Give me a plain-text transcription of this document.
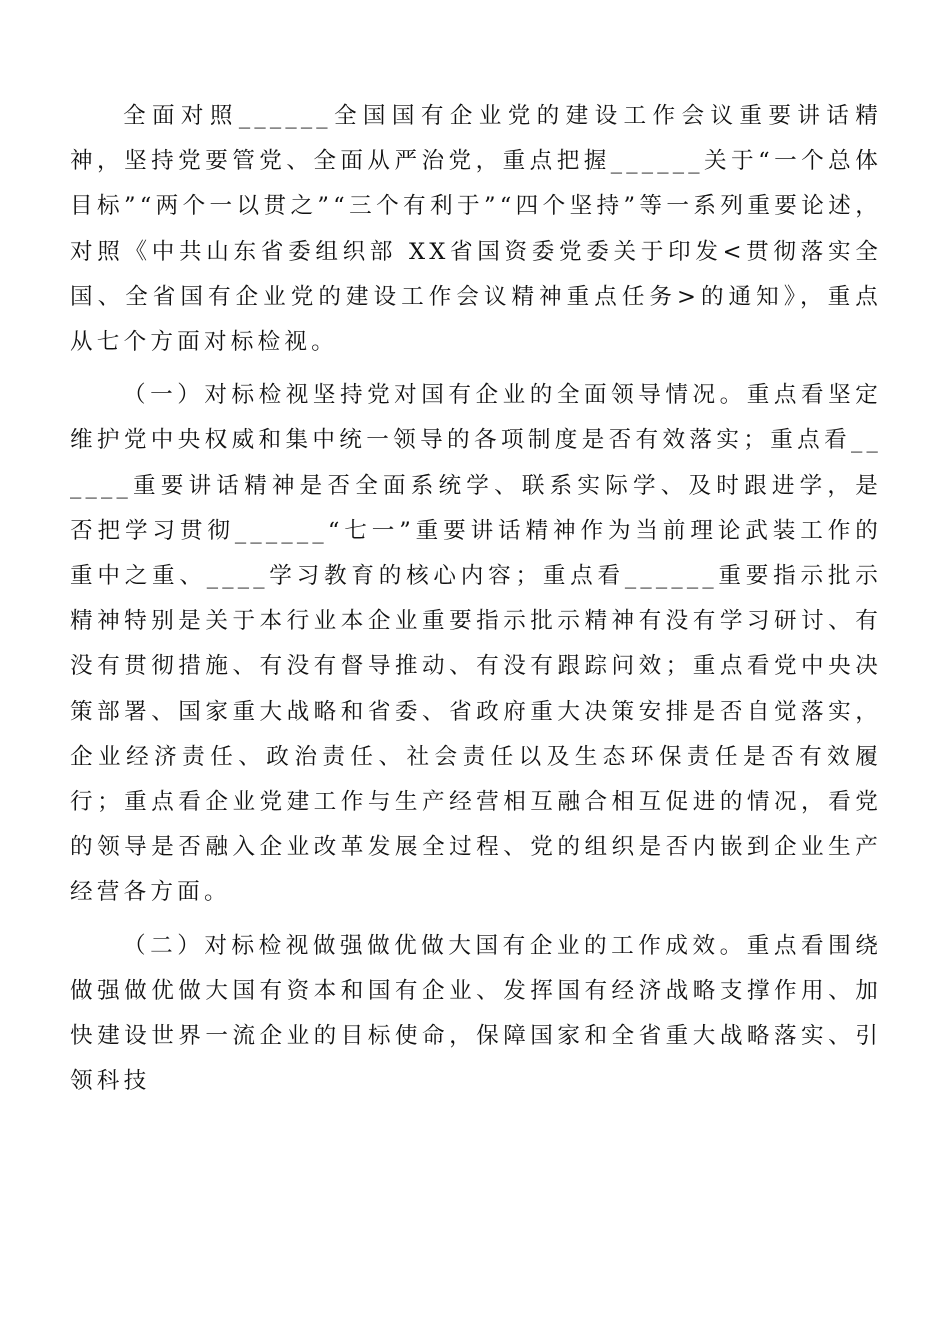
全面对照______全国国有企业党的建设工作会议重要讲话精神，坚持党要管党、全面从严治党，重点把握______关于“一个总体目标”“两个一以贯之”“三个有利于”“四个坚持”等一系列重要论述，对照《中共山东省委组织部 XX省国资委党委关于印发<贯彻落实全国、全省国有企业党的建设工作会议精神重点任务>的通知》，重点从七个方面对标检视。

（一）对标检视坚持党对国有企业的全面领导情况。重点看坚定维护党中央权威和集中统一领导的各项制度是否有效落实；重点看______重要讲话精神是否全面系统学、联系实际学、及时跟进学，是否把学习贯彻______“七一”重要讲话精神作为当前理论武装工作的重中之重、____学习教育的核心内容；重点看______重要指示批示精神特别是关于本行业本企业重要指示批示精神有没有学习研讨、有没有贯彻措施、有没有督导推动、有没有跟踪问效；重点看党中央决策部署、国家重大战略和省委、省政府重大决策安排是否自觉落实，企业经济责任、政治责任、社会责任以及生态环保责任是否有效履行；重点看企业党建工作与生产经营相互融合相互促进的情况，看党的领导是否融入企业改革发展全过程、党的组织是否内嵌到企业生产经营各方面。

（二）对标检视做强做优做大国有企业的工作成效。重点看围绕做强做优做大国有资本和国有企业、发挥国有经济战略支撑作用、加快建设世界一流企业的目标使命，保障国家和全省重大战略落实、引领科技
